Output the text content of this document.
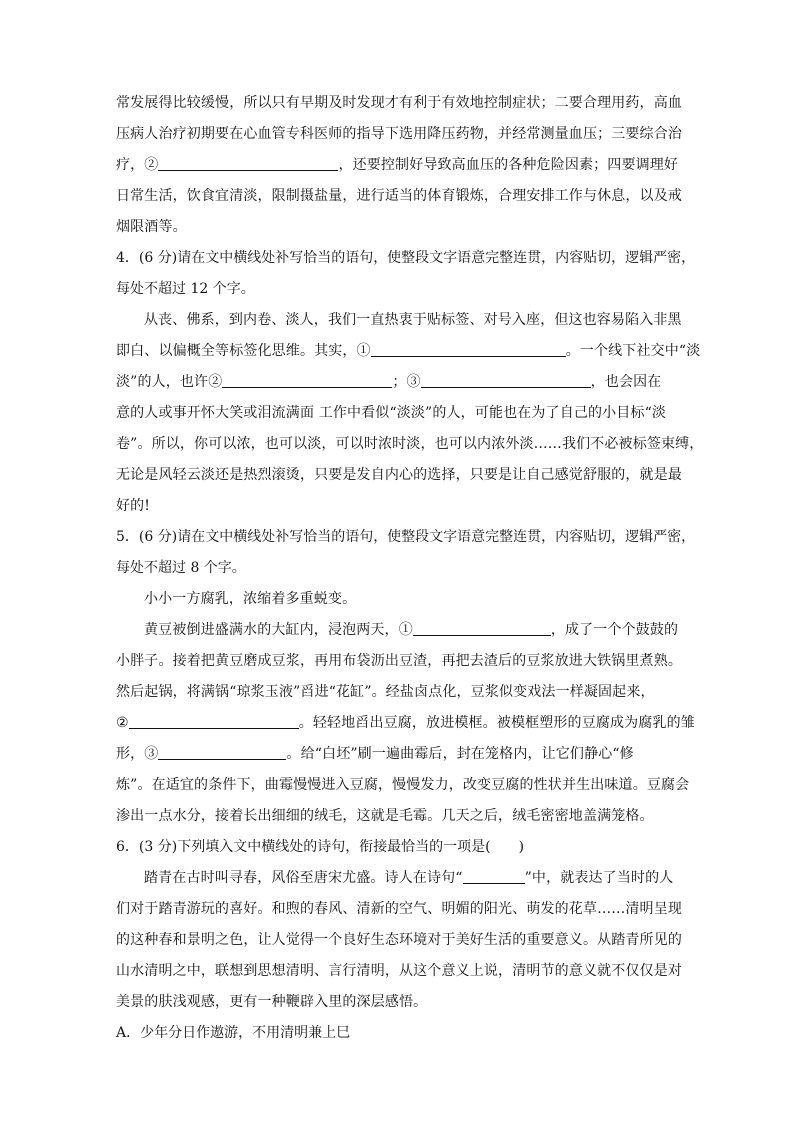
常发展得比较缓慢，所以只有早期及时发现才有利于有效地控制症状；二要合理用药，高血
压病人治疗初期要在心血管专科医师的指导下选用降压药物，并经常测量血压；三要综合治
疗，②	，还要控制好导致高血压的各种危险因素；四要调理好
日常生活，饮食宜清淡，限制摄盐量，进行适当的体育锻炼，合理安排工作与休息，以及戒
烟限酒等。
4．(6 分)请在文中横线处补写恰当的语句，使整段文字语意完整连贯，内容贴切，逻辑严密，
每处不超过 12 个字。
从丧、佛系，到内卷、淡人，我们一直热衷于贴标签、对号入座，但这也容易陷入非黑
即白、以偏概全等标签化思维。其实，①	。一个线下社交中“淡
淡”的人，也许②	；③	，也会因在
意的人或事开怀大笑或泪流满面 工作中看似“淡淡”的人，可能也在为了自己的小目标“淡
卷”。所以，你可以浓，也可以淡，可以时浓时淡，也可以内浓外淡……我们不必被标签束缚，
无论是风轻云淡还是热烈滚烫，只要是发自内心的选择，只要是让自己感觉舒服的，就是最
好的!
5．(6 分)请在文中横线处补写恰当的语句，使整段文字语意完整连贯，内容贴切，逻辑严密，
每处不超过 8 个字。
小小一方腐乳，浓缩着多重蜕变。
黄豆被倒进盛满水的大缸内，浸泡两天，①	，成了一个个鼓鼓的
小胖子。接着把黄豆磨成豆浆，再用布袋沥出豆渣，再把去渣后的豆浆放进大铁锅里煮熟。
然后起锅，将满锅“琼浆玉液”舀进“花缸”。经盐卤点化，豆浆似变戏法一样凝固起来，
②	。轻轻地舀出豆腐，放进模框。被模框塑形的豆腐成为腐乳的雏
形，③	。给“白坯”刷一遍曲霉后，封在笼格内，让它们静心“修
炼”。在适宜的条件下，曲霉慢慢进入豆腐，慢慢发力，改变豆腐的性状并生出味道。豆腐会
渗出一点水分，接着长出细细的绒毛，这就是毛霉。几天之后，绒毛密密地盖满笼格。
6．(3 分)下列填入文中横线处的诗句，衔接最恰当的一项是(　　)
踏青在古时叫寻春，风俗至唐宋尤盛。诗人在诗句“	”中，就表达了当时的人
们对于踏青游玩的喜好。和煦的春风、清新的空气、明媚的阳光、萌发的花草……清明呈现
的这种春和景明之色，让人觉得一个良好生态环境对于美好生活的重要意义。从踏青所见的
山水清明之中，联想到思想清明、言行清明，从这个意义上说，清明节的意义就不仅仅是对
美景的肤浅观感，更有一种鞭辟入里的深层感悟。
A．少年分日作遨游，不用清明兼上巳
